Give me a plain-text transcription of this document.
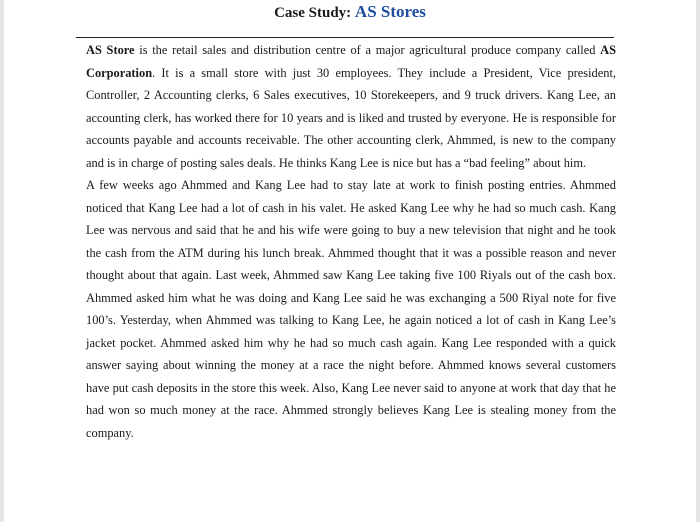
Case Study: AS Stores

AS Store is the retail sales and distribution centre of a major agricultural produce company called AS Corporation. It is a small store with just 30 employees. They include a President, Vice president, Controller, 2 Accounting clerks, 6 Sales executives, 10 Storekeepers, and 9 truck drivers. Kang Lee, an accounting clerk, has worked there for 10 years and is liked and trusted by everyone. He is responsible for accounts payable and accounts receivable. The other accounting clerk, Ahmmed, is new to the company and is in charge of posting sales deals. He thinks Kang Lee is nice but has a “bad feeling” about him.

A few weeks ago Ahmmed and Kang Lee had to stay late at work to finish posting entries. Ahmmed noticed that Kang Lee had a lot of cash in his valet. He asked Kang Lee why he had so much cash. Kang Lee was nervous and said that he and his wife were going to buy a new television that night and he took the cash from the ATM during his lunch break. Ahmmed thought that it was a possible reason and never thought about that again. Last week, Ahmmed saw Kang Lee taking five 100 Riyals out of the cash box. Ahmmed asked him what he was doing and Kang Lee said he was exchanging a 500 Riyal note for five 100’s. Yesterday, when Ahmmed was talking to Kang Lee, he again noticed a lot of cash in Kang Lee’s jacket pocket. Ahmmed asked him why he had so much cash again. Kang Lee responded with a quick answer saying about winning the money at a race the night before. Ahmmed knows several customers have put cash deposits in the store this week. Also, Kang Lee never said to anyone at work that day that he had won so much money at the race. Ahmmed strongly believes Kang Lee is stealing money from the company.
